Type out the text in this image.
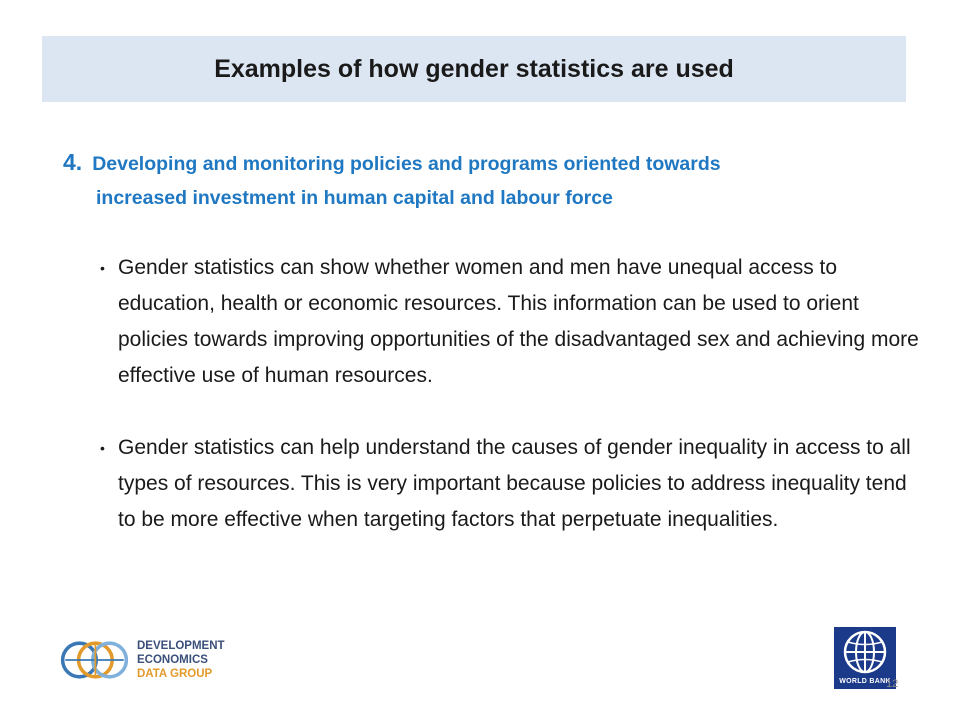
Examples of how gender statistics are used
4. Developing and monitoring policies and programs oriented towards
increased investment in human capital and labour force
• Gender statistics can show whether women and men have unequal access to education, health or economic resources. This information can be used to orient policies towards improving opportunities of the disadvantaged sex and achieving more effective use of human resources.
• Gender statistics can help understand the causes of gender inequality in access to all types of resources. This is very important because policies to address inequality tend to be more effective when targeting factors that perpetuate inequalities.
DEVELOPMENT ECONOMICS
DATA GROUP
WORLD BANK
12
